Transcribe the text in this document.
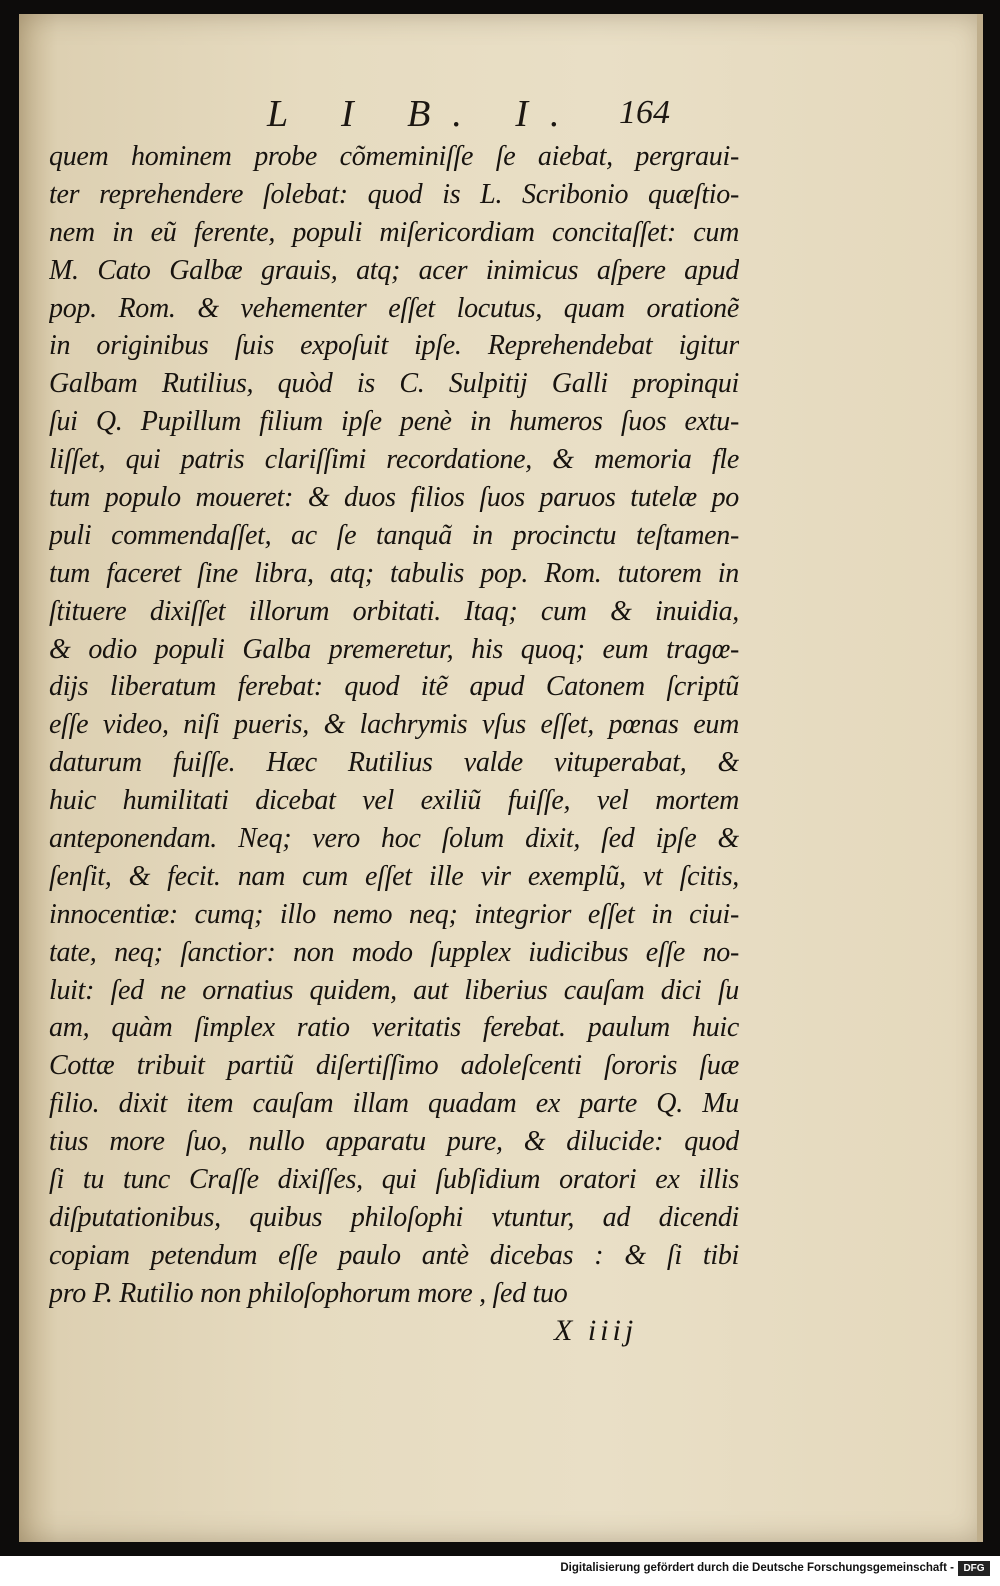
L I B. I. 164
quem hominem probe cõmeminiſſe ſe aiebat, pergraui-
ter reprehendere ſolebat: quod is L. Scribonio quæſtio-
nem in eũ ferente, populi miſericordiam concitaſſet: cum
M. Cato Galbæ grauis, atq; acer inimicus aſpere apud
pop. Rom. & vehementer eſſet locutus, quam orationẽ
in originibus ſuis expoſuit ipſe. Reprehendebat igitur
Galbam Rutilius, quòd is C. Sulpitij Galli propinqui
ſui Q. Pupillum filium ipſe penè in humeros ſuos extu-
liſſet, qui patris clariſſimi recordatione, & memoria fle
tum populo moueret: & duos filios ſuos paruos tutelæ po
puli commendaſſet, ac ſe tanquã in procinctu teſtamen-
tum faceret ſine libra, atq; tabulis pop. Rom. tutorem in
ſtituere dixiſſet illorum orbitati. Itaq; cum & inuidia,
& odio populi Galba premeretur, his quoq; eum tragœ-
dijs liberatum ferebat: quod itẽ apud Catonem ſcriptũ
eſſe video, niſi pueris, & lachrymis vſus eſſet, pœnas eum
daturum fuiſſe. Hæc Rutilius valde vituperabat, &
huic humilitati dicebat vel exiliũ fuiſſe, vel mortem
anteponendam. Neq; vero hoc ſolum dixit, ſed ipſe &
ſenſit, & fecit. nam cum eſſet ille vir exemplũ, vt ſcitis,
innocentiæ: cumq; illo nemo neq; integrior eſſet in ciui-
tate, neq; ſanctior: non modo ſupplex iudicibus eſſe no-
luit: ſed ne ornatius quidem, aut liberius cauſam dici ſu
am, quàm ſimplex ratio veritatis ferebat. paulum huic
Cottæ tribuit partiũ diſertiſſimo adoleſcenti ſororis ſuæ
filio. dixit item cauſam illam quadam ex parte Q. Mu
tius more ſuo, nullo apparatu pure, & dilucide: quod
ſi tu tunc Craſſe dixiſſes, qui ſubſidium oratori ex illis
diſputationibus, quibus philoſophi vtuntur, ad dicendi
copiam petendum eſſe paulo antè dicebas : & ſi tibi
pro P. Rutilio non philoſophorum more , ſed tuo
X iiij
Digitalisierung gefördert durch die Deutsche Forschungsgemeinschaft - DFG
